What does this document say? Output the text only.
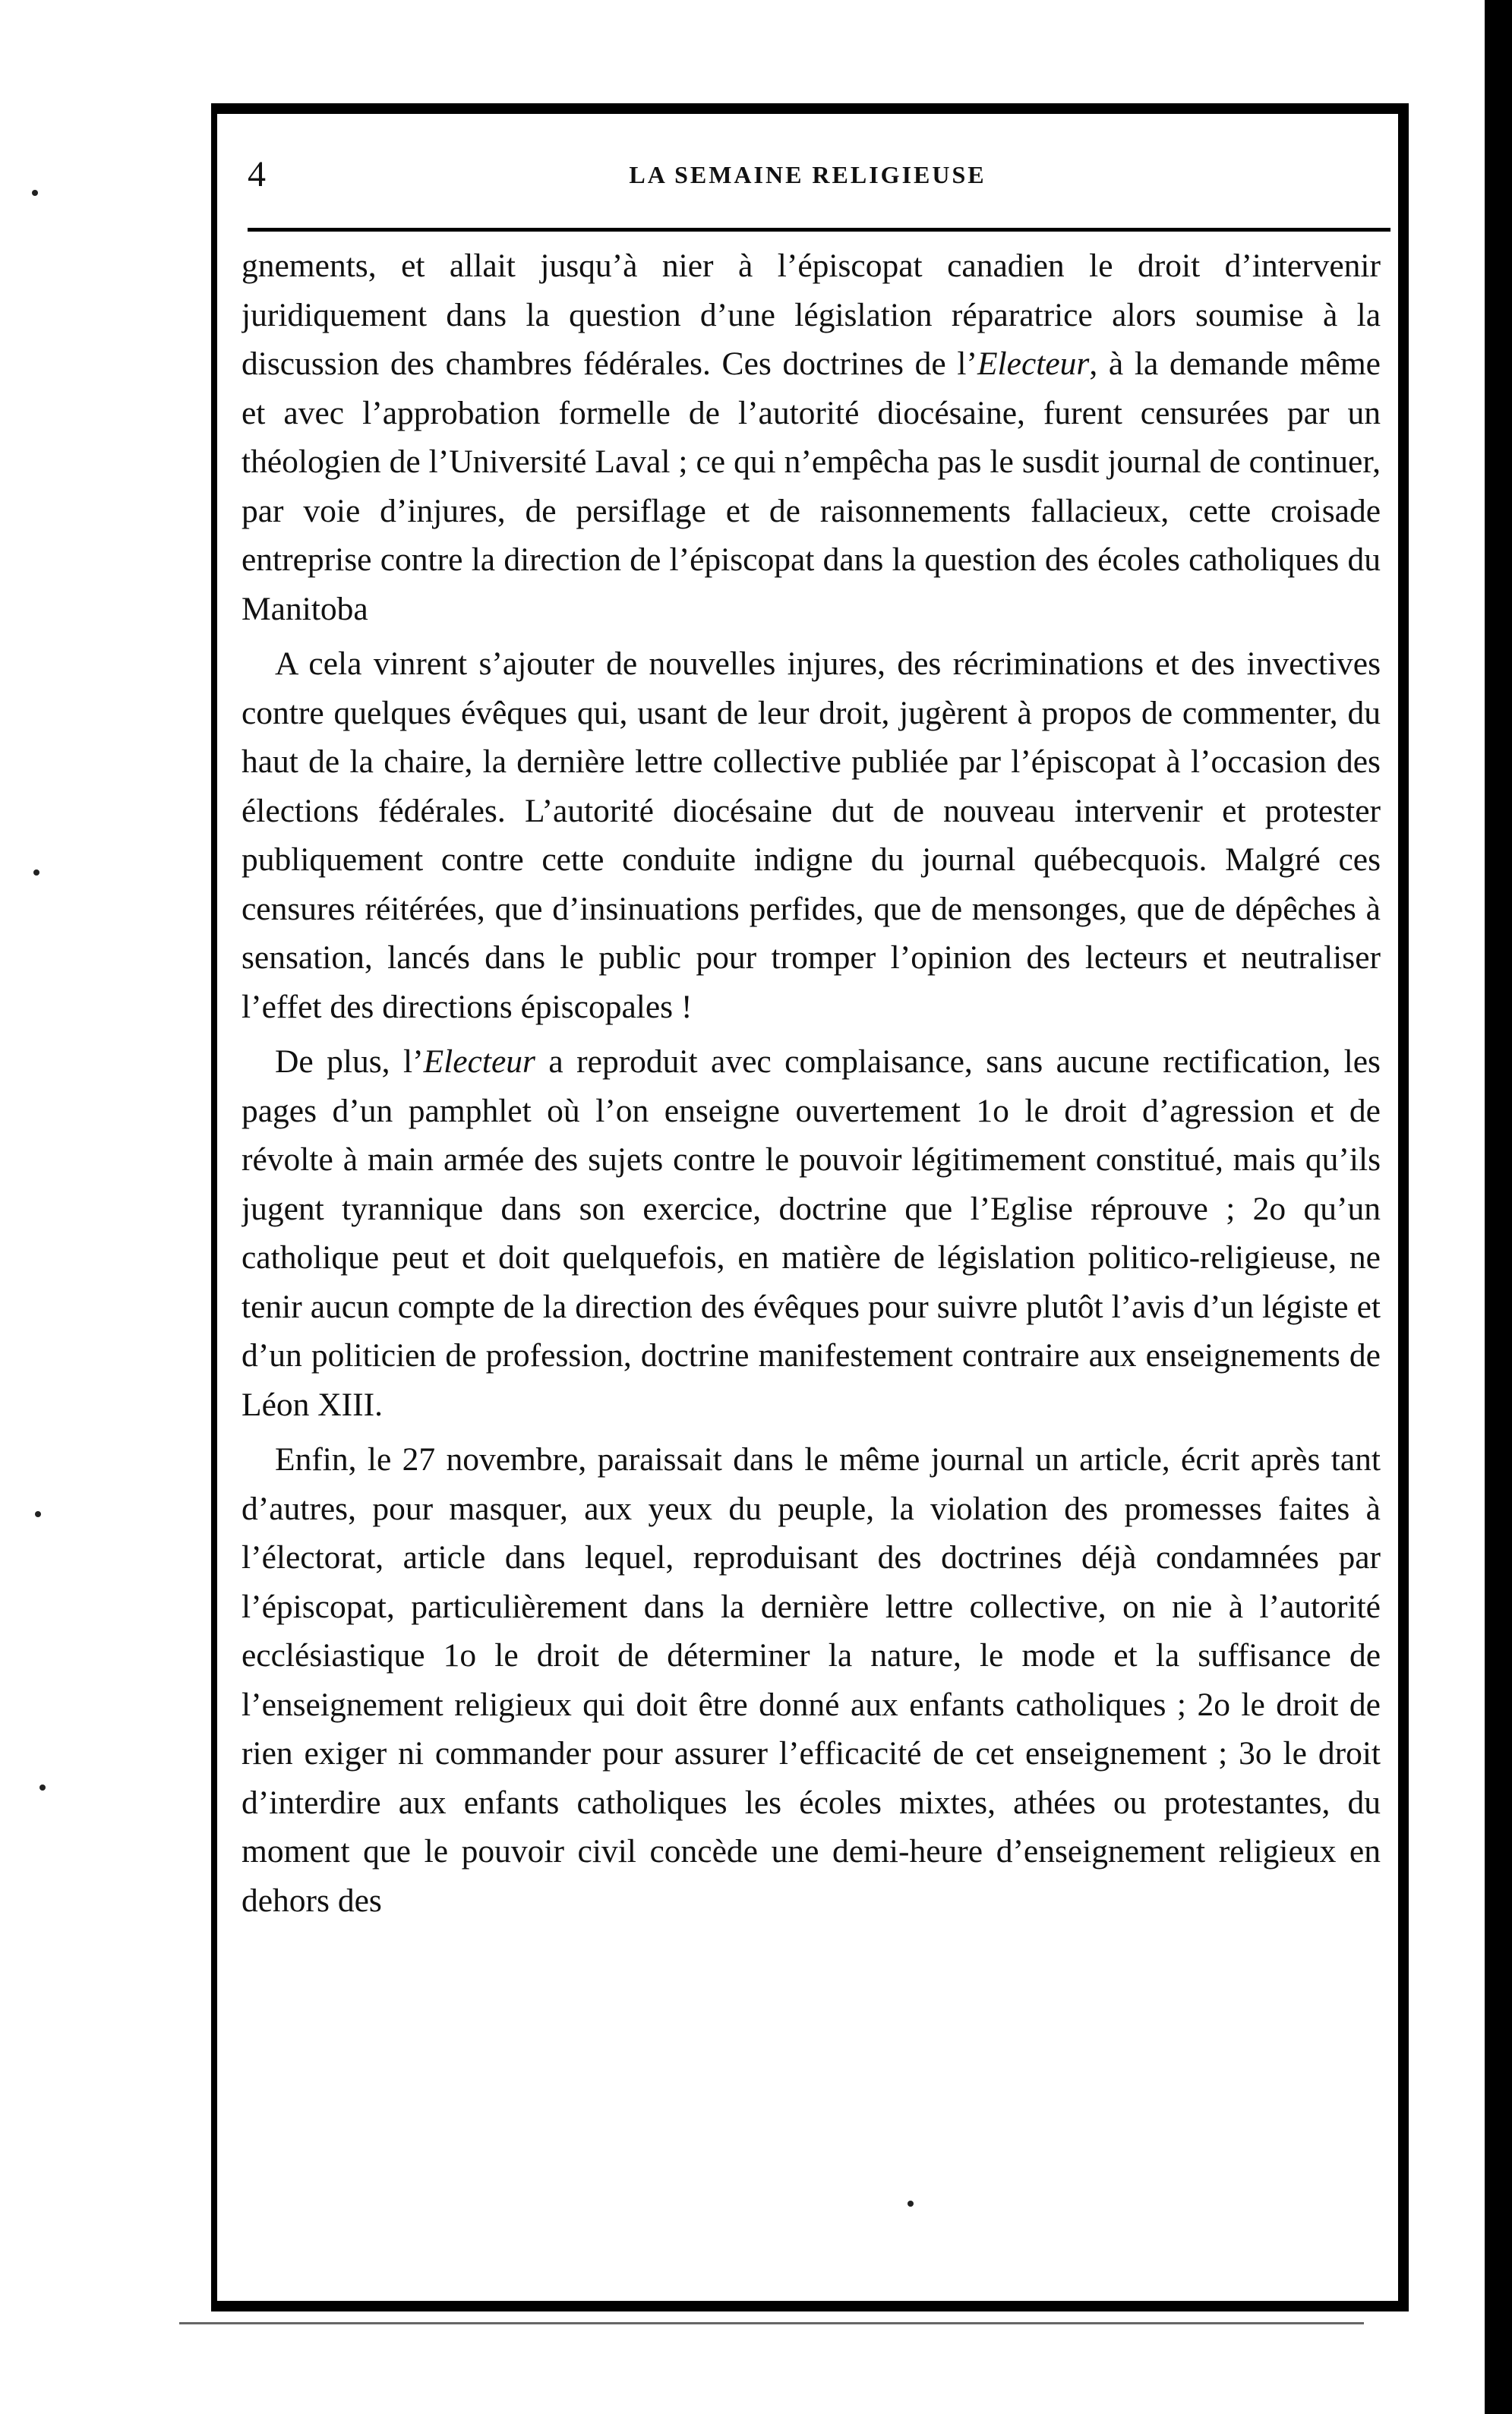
4	LA SEMAINE RELIGIEUSE

gnements, et allait jusqu’à nier à l’épiscopat canadien le droit d’intervenir juridiquement dans la question d’une législation réparatrice alors soumise à la discussion des chambres fédérales. Ces doctrines de l’Electeur, à la demande même et avec l’approbation formelle de l’autorité diocésaine, furent censurées par un théologien de l’Université Laval ; ce qui n’empêcha pas le susdit journal de continuer, par voie d’injures, de persiflage et de raisonnements fallacieux, cette croisade entreprise contre la direction de l’épiscopat dans la question des écoles catholiques du Manitoba

A cela vinrent s’ajouter de nouvelles injures, des récriminations et des invectives contre quelques évêques qui, usant de leur droit, jugèrent à propos de commenter, du haut de la chaire, la dernière lettre collective publiée par l’épiscopat à l’occasion des élections fédérales. L’autorité diocésaine dut de nouveau intervenir et protester publiquement contre cette conduite indigne du journal québecquois. Malgré ces censures réitérées, que d’insinuations perfides, que de mensonges, que de dépêches à sensation, lancés dans le public pour tromper l’opinion des lecteurs et neutraliser l’effet des directions épiscopales !

De plus, l’Electeur a reproduit avec complaisance, sans aucune rectification, les pages d’un pamphlet où l’on enseigne ouvertement 1o le droit d’agression et de révolte à main armée des sujets contre le pouvoir légitimement constitué, mais qu’ils jugent tyrannique dans son exercice, doctrine que l’Eglise réprouve ; 2o qu’un catholique peut et doit quelquefois, en matière de législation politico-religieuse, ne tenir aucun compte de la direction des évêques pour suivre plutôt l’avis d’un légiste et d’un politicien de profession, doctrine manifestement contraire aux enseignements de Léon XIII.

Enfin, le 27 novembre, paraissait dans le même journal un article, écrit après tant d’autres, pour masquer, aux yeux du peuple, la violation des promesses faites à l’électorat, article dans lequel, reproduisant des doctrines déjà condamnées par l’épiscopat, particulièrement dans la dernière lettre collective, on nie à l’autorité ecclésiastique 1o le droit de déterminer la nature, le mode et la suffisance de l’enseignement religieux qui doit être donné aux enfants catholiques ; 2o le droit de rien exiger ni commander pour assurer l’efficacité de cet enseignement ; 3o le droit d’interdire aux enfants catholiques les écoles mixtes, athées ou protestantes, du moment que le pouvoir civil concède une demi-heure d’enseignement religieux en dehors des
